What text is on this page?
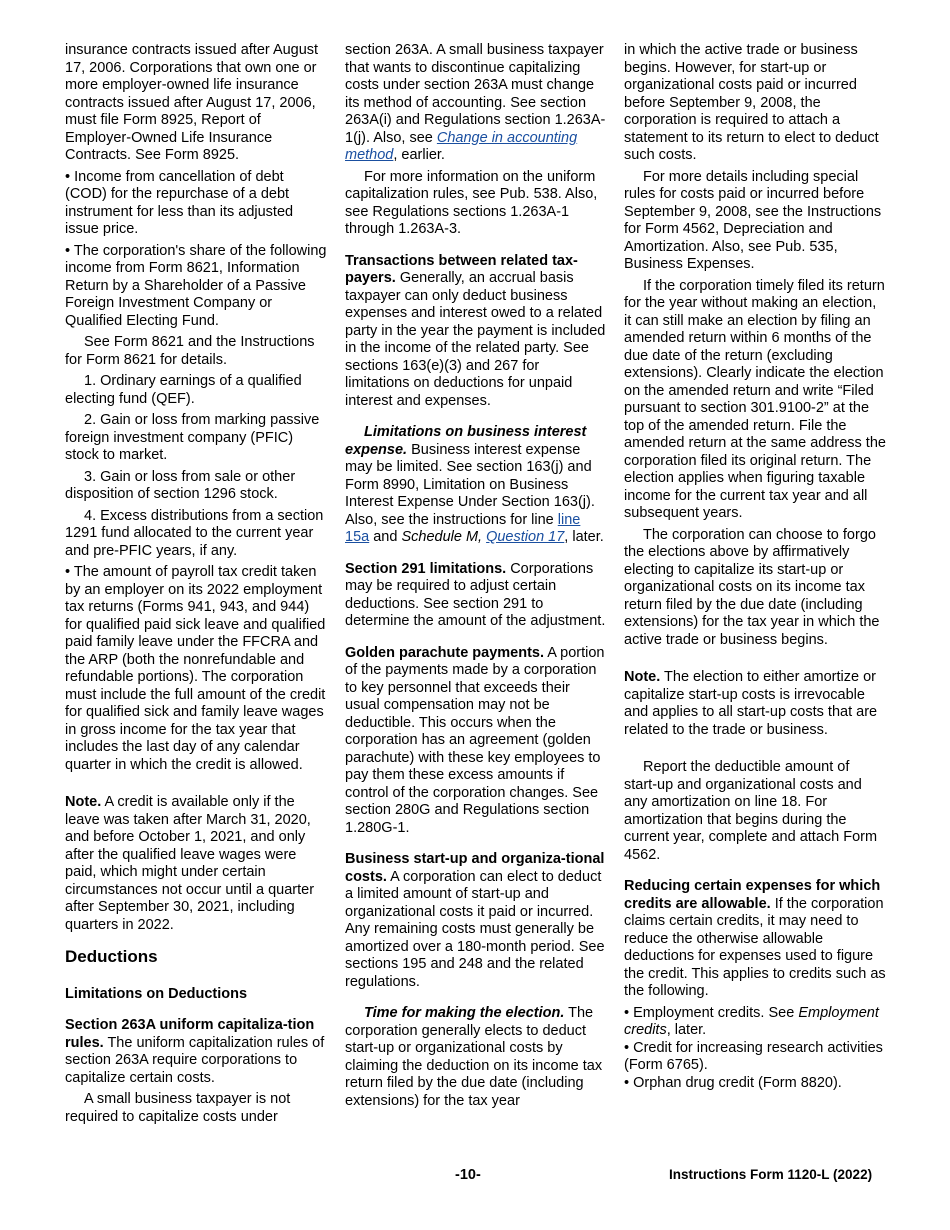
insurance contracts issued after August 17, 2006. Corporations that own one or more employer-owned life insurance contracts issued after August 17, 2006, must file Form 8925, Report of Employer-Owned Life Insurance Contracts. See Form 8925.

• Income from cancellation of debt (COD) for the repurchase of a debt instrument for less than its adjusted issue price.

• The corporation's share of the following income from Form 8621, Information Return by a Shareholder of a Passive Foreign Investment Company or Qualified Electing Fund.

See Form 8621 and the Instructions for Form 8621 for details.

1. Ordinary earnings of a qualified electing fund (QEF).

2. Gain or loss from marking passive foreign investment company (PFIC) stock to market.

3. Gain or loss from sale or other disposition of section 1296 stock.

4. Excess distributions from a section 1291 fund allocated to the current year and pre-PFIC years, if any.

• The amount of payroll tax credit taken by an employer on its 2022 employment tax returns (Forms 941, 943, and 944) for qualified paid sick leave and qualified paid family leave under the FFCRA and the ARP (both the nonrefundable and refundable portions). The corporation must include the full amount of the credit for qualified sick and family leave wages in gross income for the tax year that includes the last day of any calendar quarter in which the credit is allowed.

Note. A credit is available only if the leave was taken after March 31, 2020, and before October 1, 2021, and only after the qualified leave wages were paid, which might under certain circumstances not occur until a quarter after September 30, 2021, including quarters in 2022.

Deductions
Limitations on Deductions

Section 263A uniform capitaliza-tion rules. The uniform capitalization rules of section 263A require corporations to capitalize certain costs.

A small business taxpayer is not required to capitalize costs under

section 263A. A small business taxpayer that wants to discontinue capitalizing costs under section 263A must change its method of accounting. See section 263A(i) and Regulations section 1.263A-1(j). Also, see Change in accounting method, earlier.

For more information on the uniform capitalization rules, see Pub. 538. Also, see Regulations sections 1.263A-1 through 1.263A-3.

Transactions between related tax-payers. Generally, an accrual basis taxpayer can only deduct business expenses and interest owed to a related party in the year the payment is included in the income of the related party. See sections 163(e)(3) and 267 for limitations on deductions for unpaid interest and expenses.

Limitations on business interest expense. Business interest expense may be limited. See section 163(j) and Form 8990, Limitation on Business Interest Expense Under Section 163(j). Also, see the instructions for line line 15a and Schedule M, Question 17, later.

Section 291 limitations. Corporations may be required to adjust certain deductions. See section 291 to determine the amount of the adjustment.

Golden parachute payments. A portion of the payments made by a corporation to key personnel that exceeds their usual compensation may not be deductible. This occurs when the corporation has an agreement (golden parachute) with these key employees to pay them these excess amounts if control of the corporation changes. See section 280G and Regulations section 1.280G-1.

Business start-up and organiza-tional costs. A corporation can elect to deduct a limited amount of start-up and organizational costs it paid or incurred. Any remaining costs must generally be amortized over a 180-month period. See sections 195 and 248 and the related regulations.

Time for making the election. The corporation generally elects to deduct start-up or organizational costs by claiming the deduction on its income tax return filed by the due date (including extensions) for the tax year

in which the active trade or business begins. However, for start-up or organizational costs paid or incurred before September 9, 2008, the corporation is required to attach a statement to its return to elect to deduct such costs.

For more details including special rules for costs paid or incurred before September 9, 2008, see the Instructions for Form 4562, Depreciation and Amortization. Also, see Pub. 535, Business Expenses.

If the corporation timely filed its return for the year without making an election, it can still make an election by filing an amended return within 6 months of the due date of the return (excluding extensions). Clearly indicate the election on the amended return and write “Filed pursuant to section 301.9100-2” at the top of the amended return. File the amended return at the same address the corporation filed its original return. The election applies when figuring taxable income for the current tax year and all subsequent years.

The corporation can choose to forgo the elections above by affirmatively electing to capitalize its start-up or organizational costs on its income tax return filed by the due date (including extensions) for the tax year in which the active trade or business begins.

Note. The election to either amortize or capitalize start-up costs is irrevocable and applies to all start-up costs that are related to the trade or business.

Report the deductible amount of start-up and organizational costs and any amortization on line 18. For amortization that begins during the current year, complete and attach Form 4562.

Reducing certain expenses for which credits are allowable. If the corporation claims certain credits, it may need to reduce the otherwise allowable deductions for expenses used to figure the credit. This applies to credits such as the following.

• Employment credits. See Employment credits, later.

• Credit for increasing research activities (Form 6765).

• Orphan drug credit (Form 8820).

-10-	Instructions Form 1120-L (2022)
